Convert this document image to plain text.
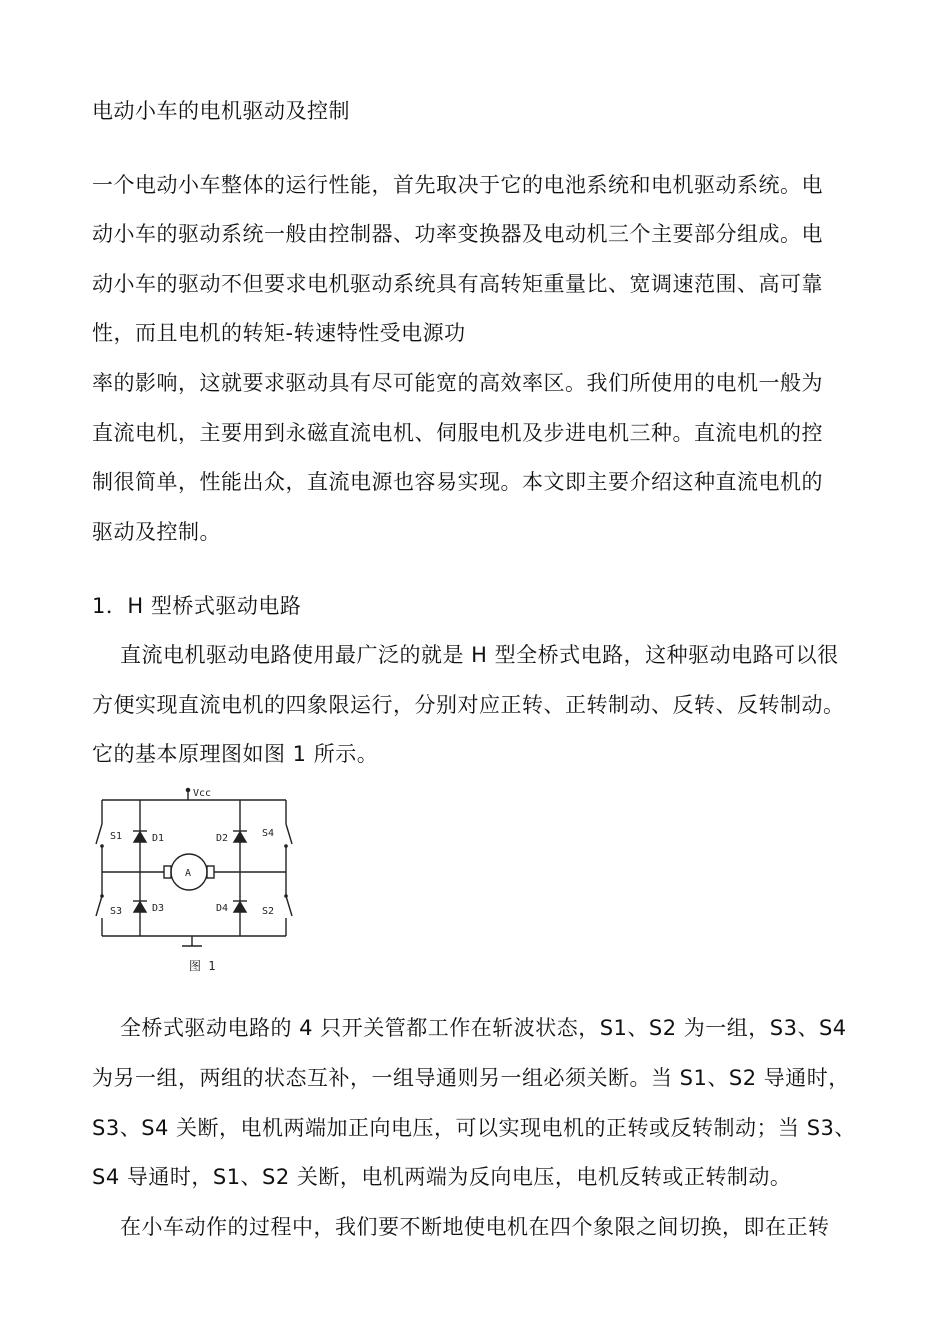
电动小车的电机驱动及控制
一个电动小车整体的运行性能，首先取决于它的电池系统和电机驱动系统。电
动小车的驱动系统一般由控制器、功率变换器及电动机三个主要部分组成。电
动小车的驱动不但要求电机驱动系统具有高转矩重量比、宽调速范围、高可靠
性，而且电机的转矩-转速特性受电源功
率的影响，这就要求驱动具有尽可能宽的高效率区。我们所使用的电机一般为
直流电机，主要用到永磁直流电机、伺服电机及步进电机三种。直流电机的控
制很简单，性能出众，直流电源也容易实现。本文即主要介绍这种直流电机的
驱动及控制。
1．H 型桥式驱动电路
直流电机驱动电路使用最广泛的就是 H 型全桥式电路，这种驱动电路可以很
方便实现直流电机的四象限运行，分别对应正转、正转制动、反转、反转制动。
它的基本原理图如图 1 所示。
Vcc
A
S1	S4
S3	S2
D1	D2
D3	D4
图 1
全桥式驱动电路的 4 只开关管都工作在斩波状态，S1、S2 为一组，S3、S4
为另一组，两组的状态互补，一组导通则另一组必须关断。当 S1、S2 导通时，
S3、S4 关断，电机两端加正向电压，可以实现电机的正转或反转制动；当 S3、
S4 导通时，S1、S2 关断，电机两端为反向电压，电机反转或正转制动。
在小车动作的过程中，我们要不断地使电机在四个象限之间切换，即在正转
